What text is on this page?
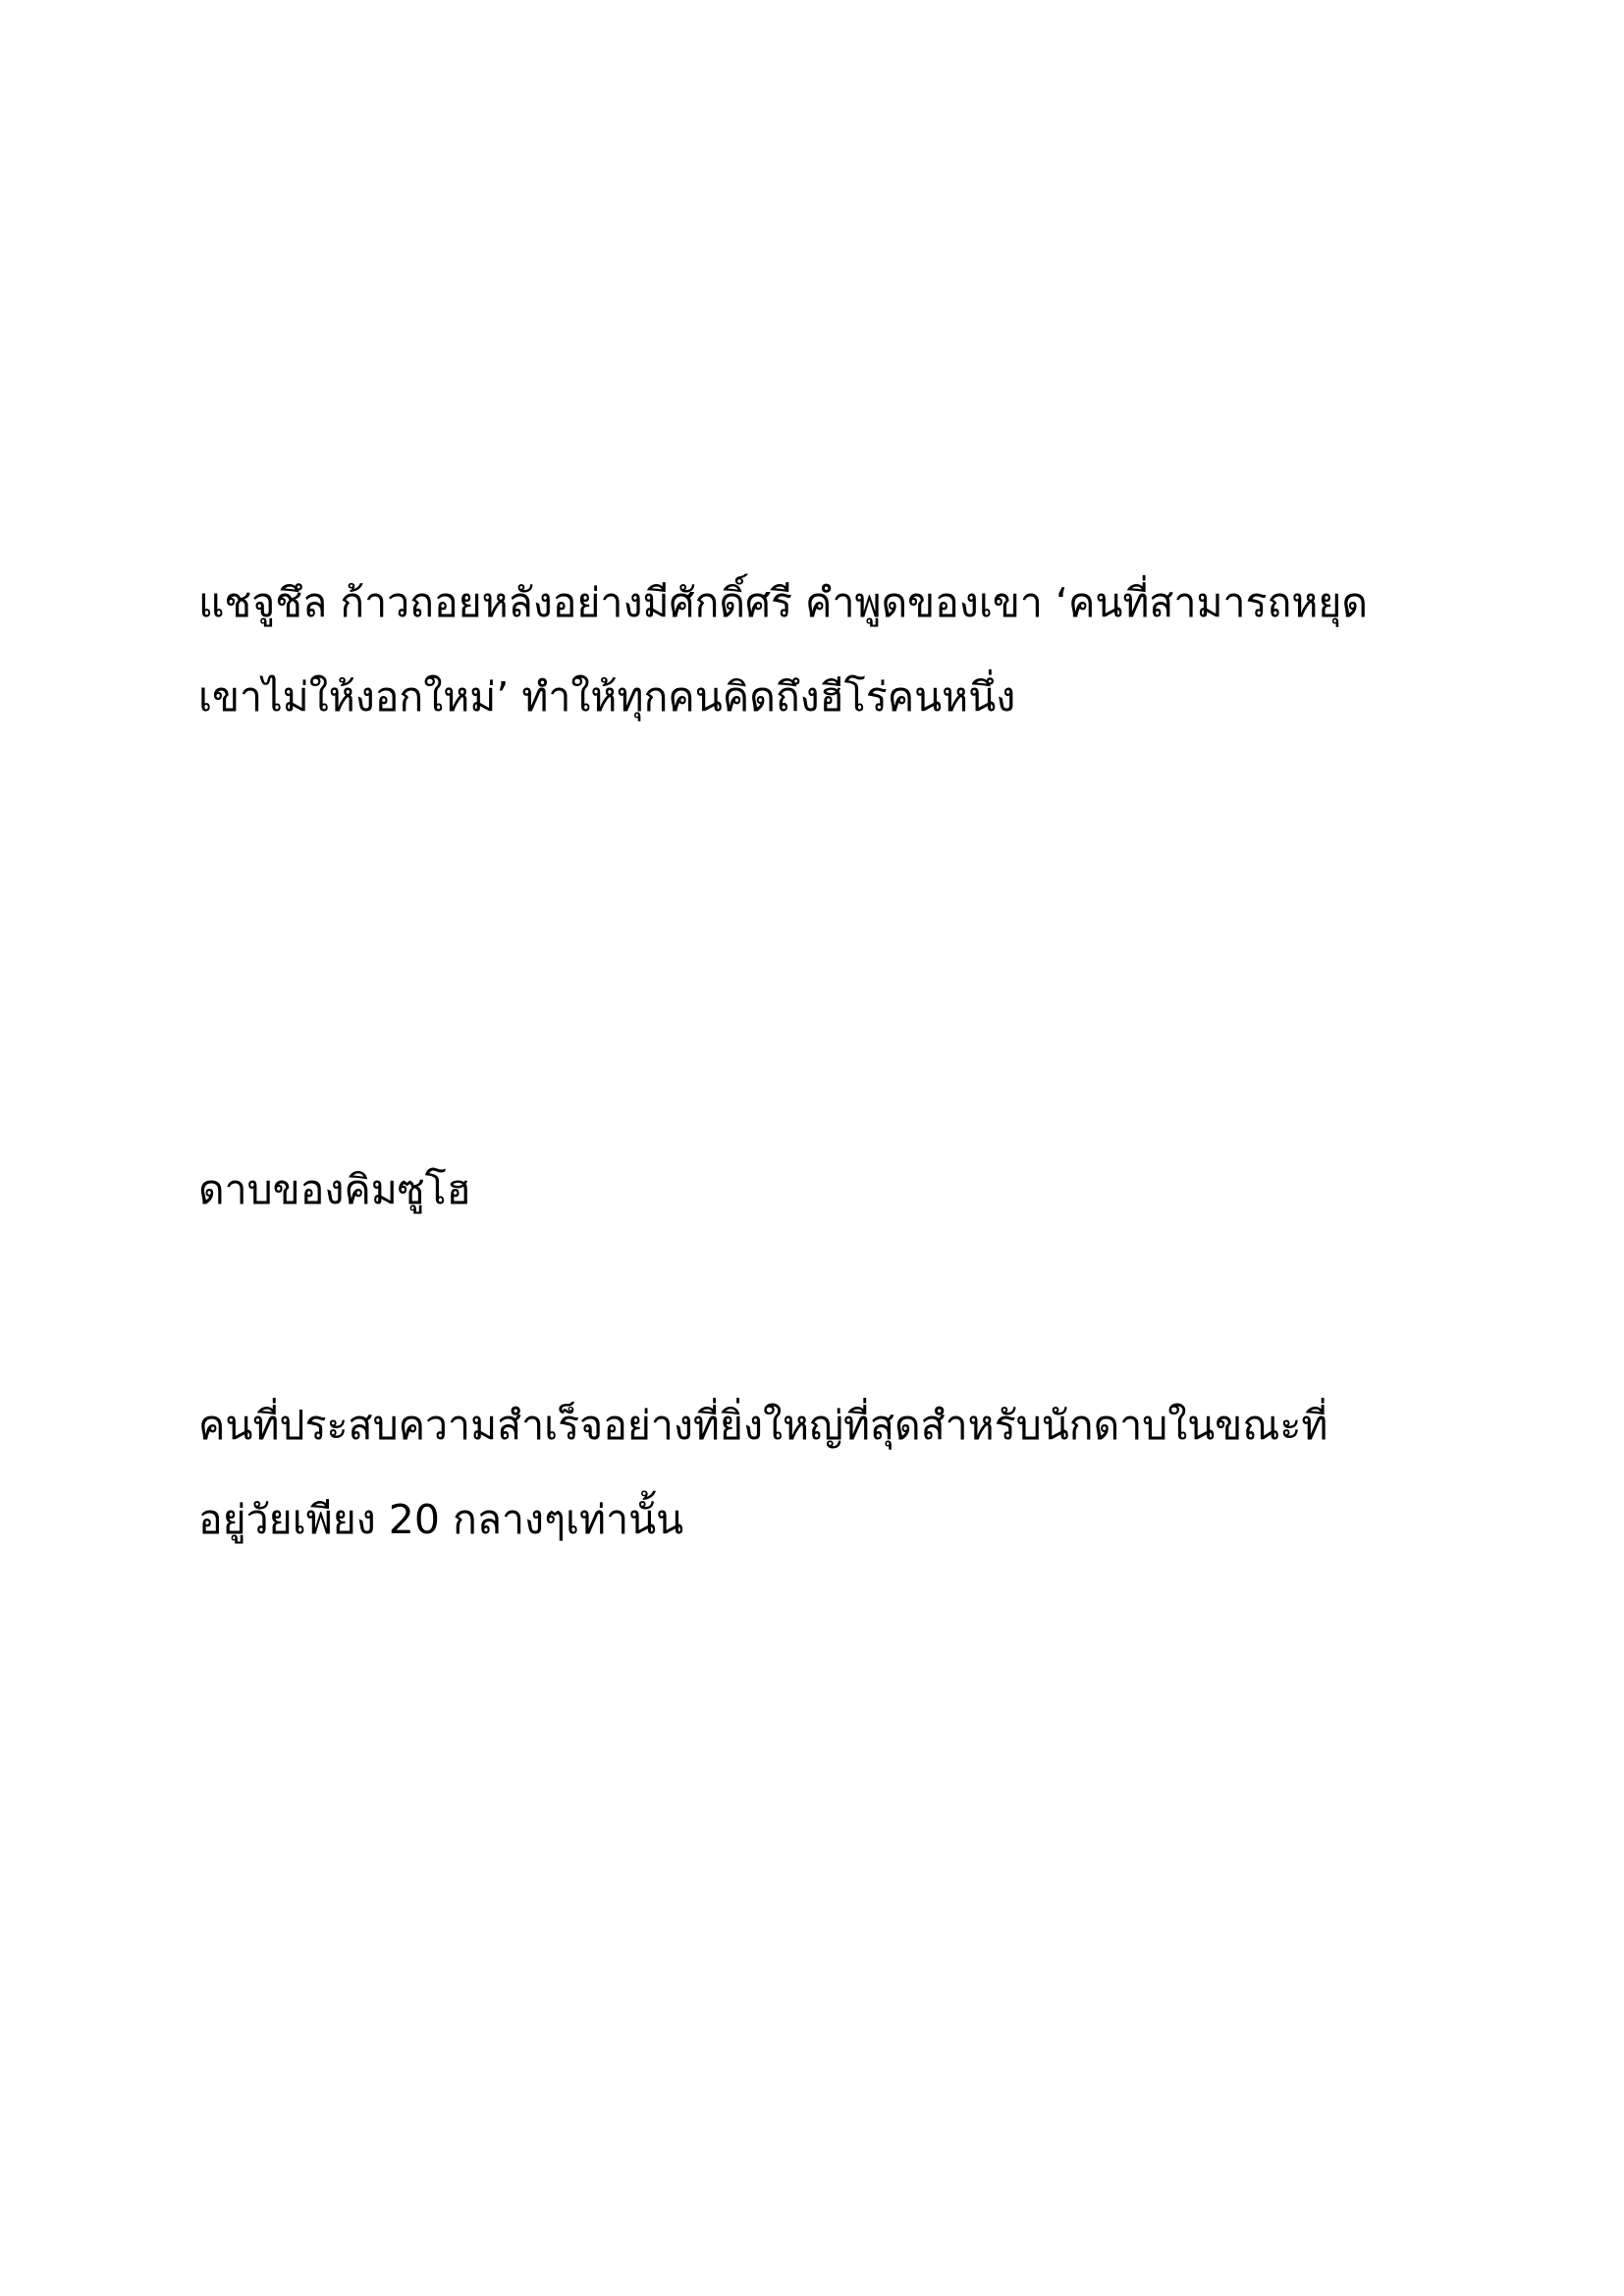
แชจูชึล ก้าวถอยหลังอย่างมีศักดิ์ศรี คำพูดของเขา ‘คนที่สามารถหยุด
เขาไม่ให้งอกใหม่’ ทำให้ทุกคนคิดถึงฮีโร่คนหนึ่ง

ดาบของคิมซูโฮ

คนที่ประสบความสำเร็จอย่างที่ยิ่งใหญ่ที่สุดสำหรับนักดาบในขณะที่
อยู่วัยเพียง 20 กลางๆเท่านั้น
